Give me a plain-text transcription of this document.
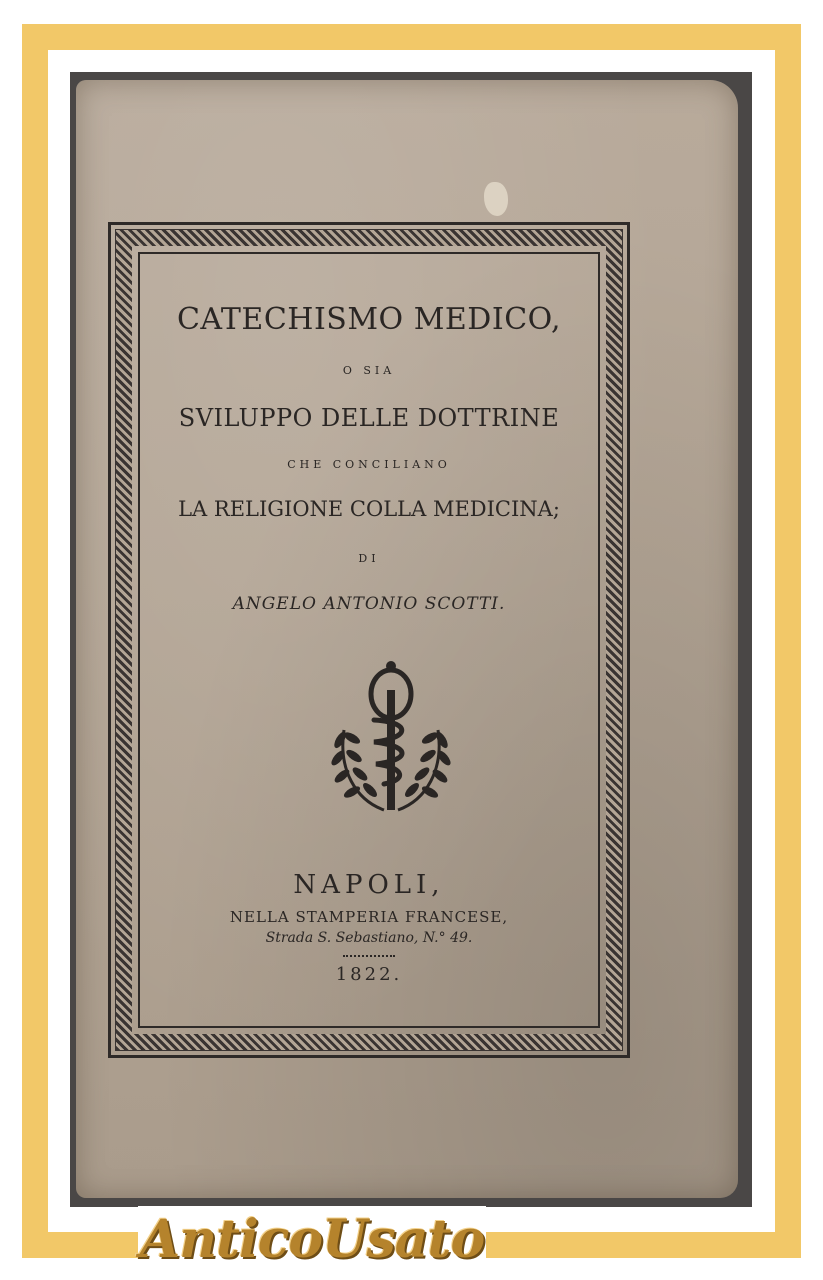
CATECHISMO MEDICO,
O SIA
SVILUPPO DELLE DOTTRINE
CHE CONCILIANO
LA RELIGIONE COLLA MEDICINA;
DI
ANGELO ANTONIO SCOTTI.
NAPOLI,
NELLA STAMPERIA FRANCESE,
Strada S. Sebastiano, N.° 49.
1822.
AnticoUsato
